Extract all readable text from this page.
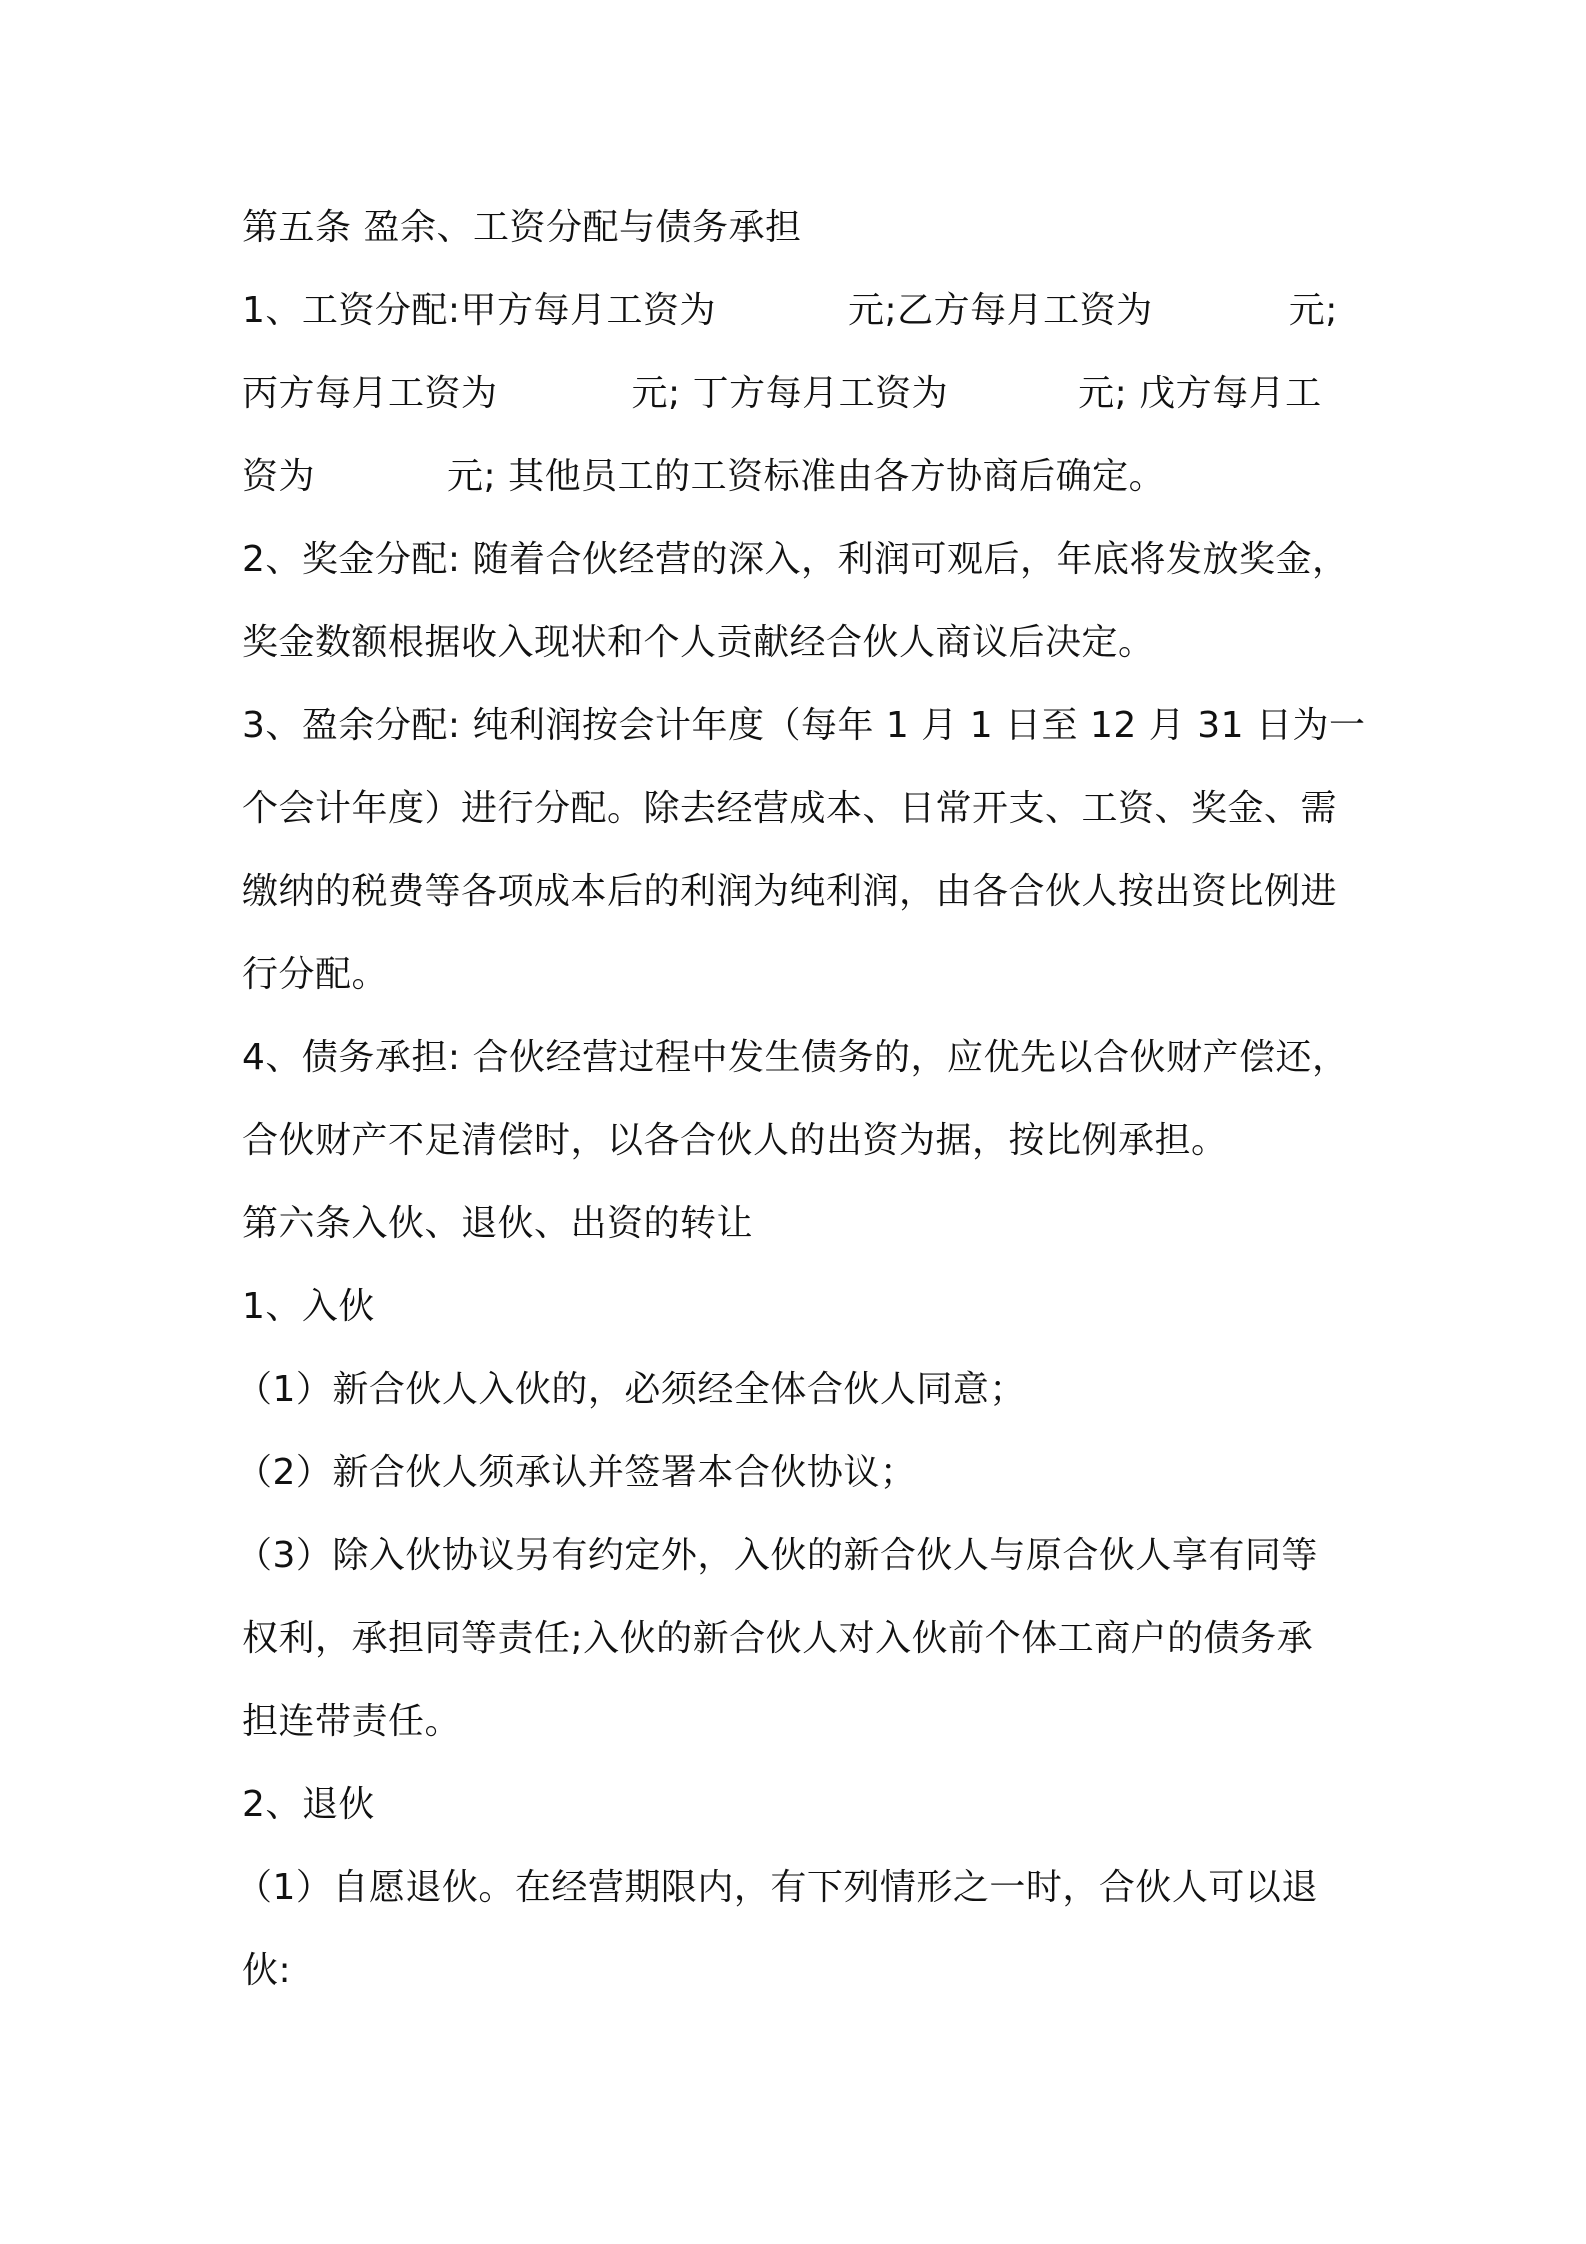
第五条 盈余、工资分配与债务承担
1、工资分配:甲方每月工资为	元;乙方每月工资为	元;
丙方每月工资为	元; 丁方每月工资为	元; 戊方每月工
资为	元; 其他员工的工资标准由各方协商后确定。
2、奖金分配: 随着合伙经营的深入，利润可观后，年底将发放奖金，
奖金数额根据收入现状和个人贡献经合伙人商议后决定。
3、盈余分配: 纯利润按会计年度（每年 1 月 1 日至 12 月 31 日为一
个会计年度）进行分配。除去经营成本、日常开支、工资、奖金、需
缴纳的税费等各项成本后的利润为纯利润，由各合伙人按出资比例进
行分配。
4、债务承担: 合伙经营过程中发生债务的，应优先以合伙财产偿还，
合伙财产不足清偿时，以各合伙人的出资为据，按比例承担。
第六条入伙、退伙、出资的转让
1、入伙
（1）新合伙人入伙的，必须经全体合伙人同意；
（2）新合伙人须承认并签署本合伙协议；
（3）除入伙协议另有约定外，入伙的新合伙人与原合伙人享有同等
权利，承担同等责任;入伙的新合伙人对入伙前个体工商户的债务承
担连带责任。
2、退伙
（1）自愿退伙。在经营期限内，有下列情形之一时，合伙人可以退
伙:
